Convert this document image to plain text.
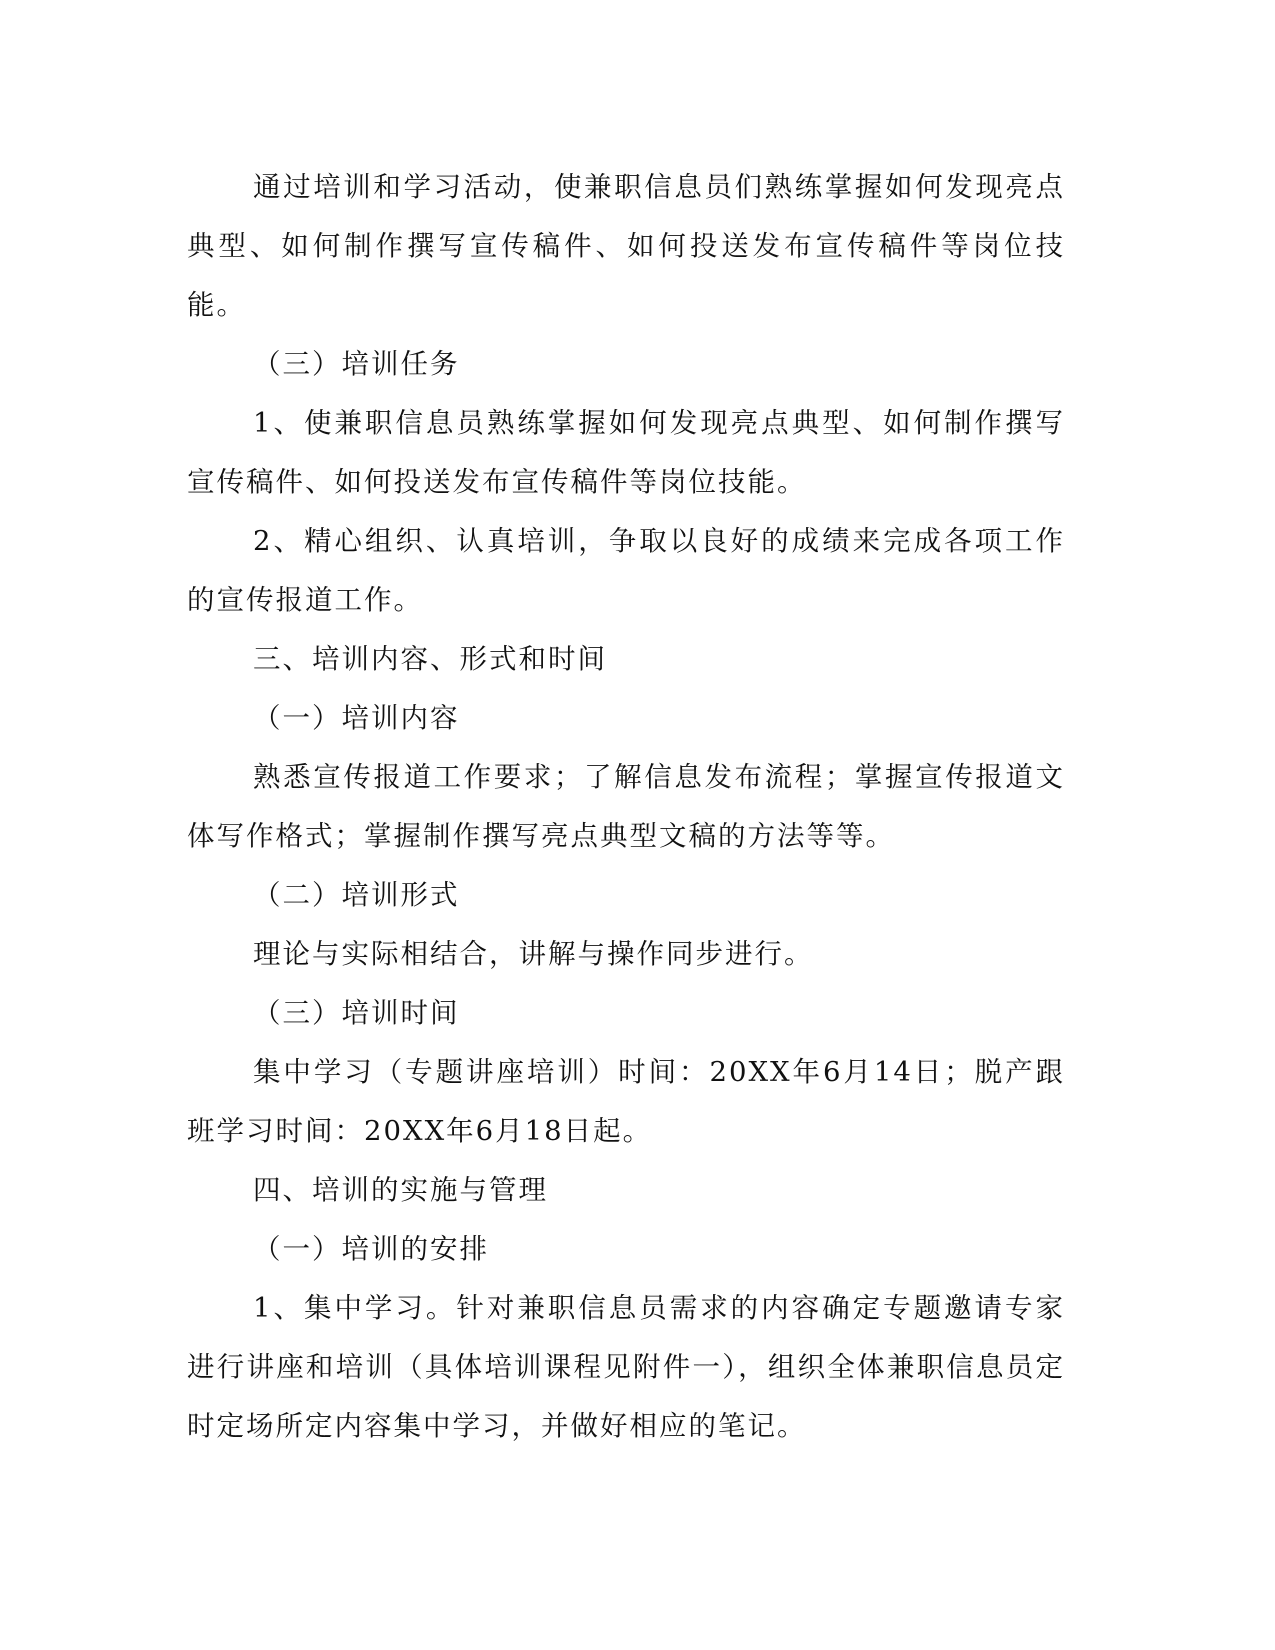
通过培训和学习活动，使兼职信息员们熟练掌握如何发现亮点典型、如何制作撰写宣传稿件、如何投送发布宣传稿件等岗位技能。

（三）培训任务

1、使兼职信息员熟练掌握如何发现亮点典型、如何制作撰写宣传稿件、如何投送发布宣传稿件等岗位技能。

2、精心组织、认真培训，争取以良好的成绩来完成各项工作的宣传报道工作。

三、培训内容、形式和时间

（一）培训内容

熟悉宣传报道工作要求；了解信息发布流程；掌握宣传报道文体写作格式；掌握制作撰写亮点典型文稿的方法等等。

（二）培训形式

理论与实际相结合，讲解与操作同步进行。

（三）培训时间

集中学习（专题讲座培训）时间：20XX年6月14日；脱产跟班学习时间：20XX年6月18日起。

四、培训的实施与管理

（一）培训的安排

1、集中学习。针对兼职信息员需求的内容确定专题邀请专家进行讲座和培训（具体培训课程见附件一），组织全体兼职信息员定时定场所定内容集中学习，并做好相应的笔记。
